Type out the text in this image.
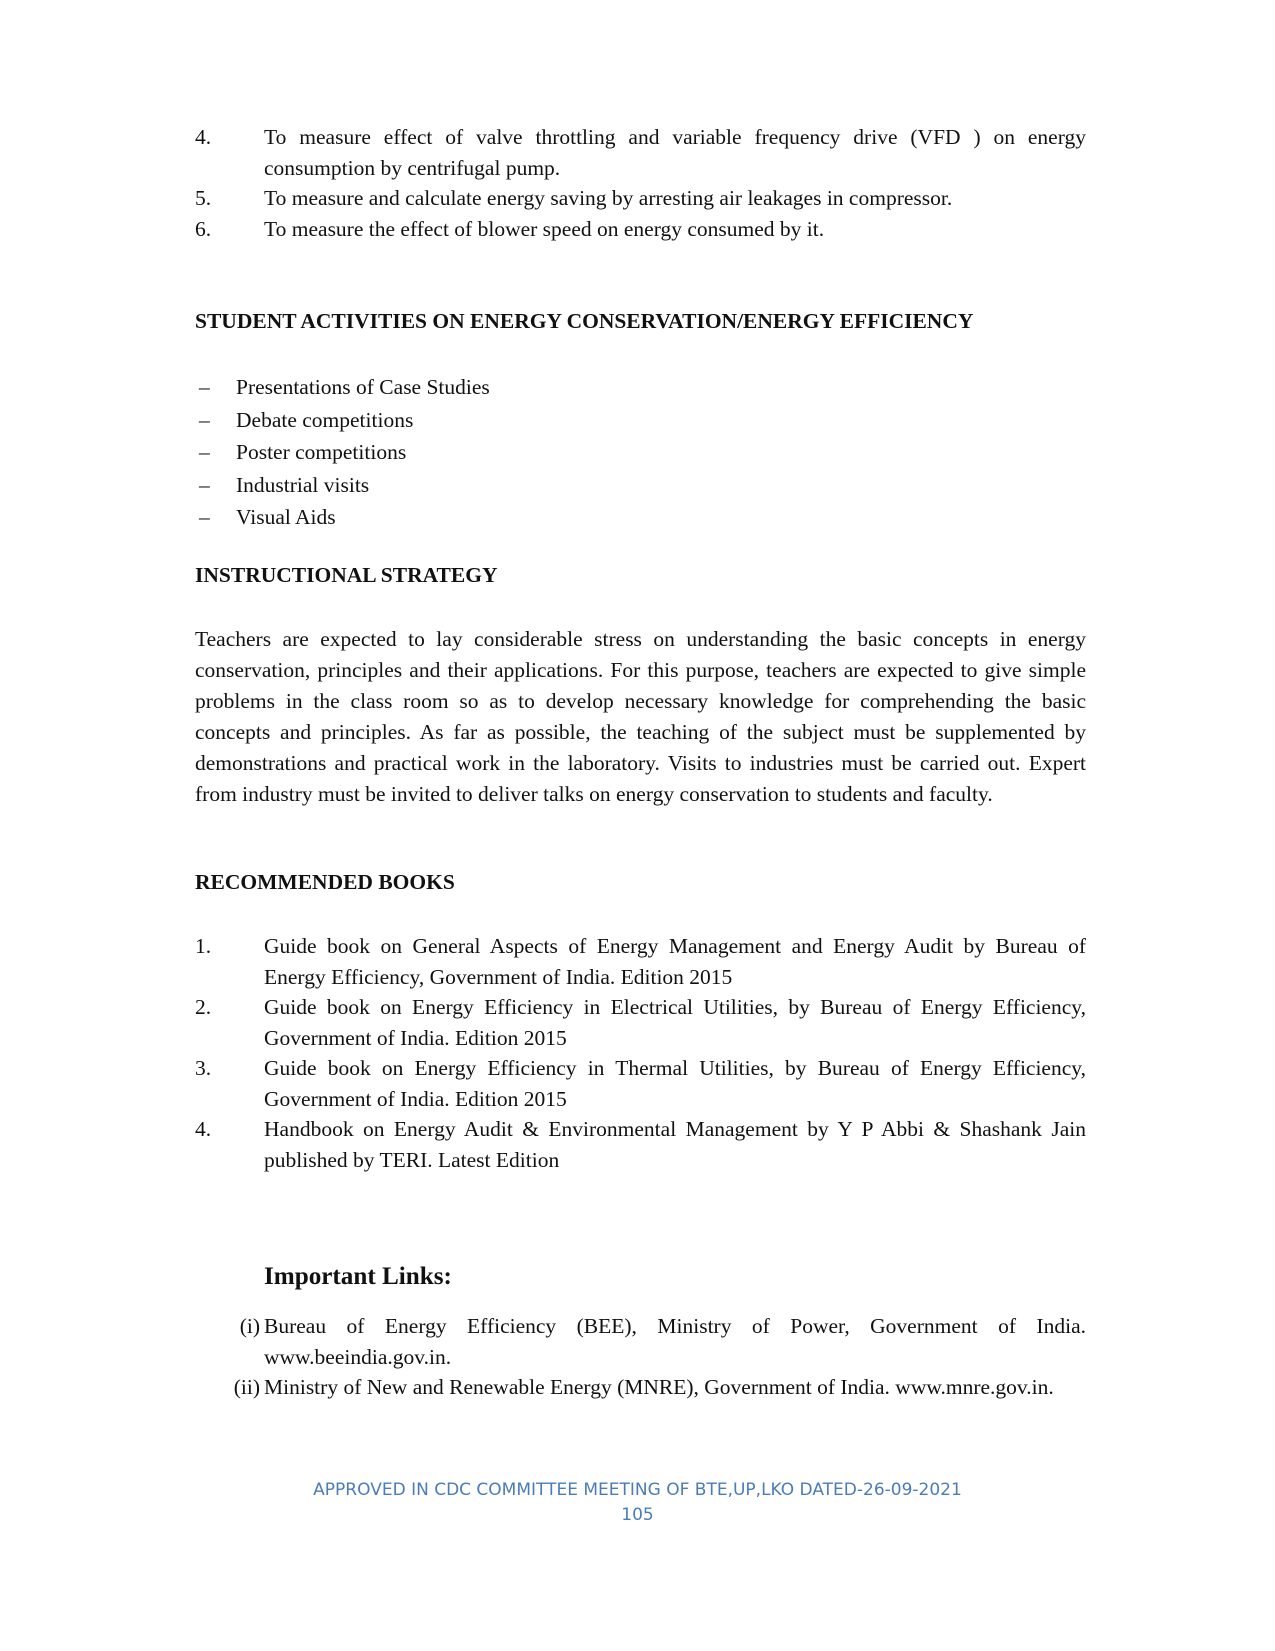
4. To measure effect of valve throttling and variable frequency drive (VFD ) on energy consumption by centrifugal pump.
5. To measure and calculate energy saving by arresting air leakages in compressor.
6. To measure the effect of blower speed on energy consumed by it.
STUDENT ACTIVITIES ON ENERGY CONSERVATION/ENERGY EFFICIENCY
– Presentations of Case Studies
– Debate competitions
– Poster competitions
– Industrial visits
– Visual Aids
INSTRUCTIONAL STRATEGY

Teachers are expected to lay considerable stress on understanding the basic concepts in energy conservation, principles and their applications. For this purpose, teachers are expected to give simple problems in the class room so as to develop necessary knowledge for comprehending the basic concepts and principles. As far as possible, the teaching of the subject must be supplemented by demonstrations and practical work in the laboratory. Visits to industries must be carried out. Expert from industry must be invited to deliver talks on energy conservation to students and faculty.

RECOMMENDED BOOKS
1. Guide book on General Aspects of Energy Management and Energy Audit by Bureau of Energy Efficiency, Government of India. Edition 2015
2. Guide book on Energy Efficiency in Electrical Utilities, by Bureau of Energy Efficiency, Government of India. Edition 2015
3. Guide book on Energy Efficiency in Thermal Utilities, by Bureau of Energy Efficiency, Government of India. Edition 2015
4. Handbook on Energy Audit & Environmental Management by Y P Abbi & Shashank Jain published by TERI. Latest Edition
Important Links:
(i) Bureau of Energy Efficiency (BEE), Ministry of Power, Government of India. www.beeindia.gov.in.
(ii) Ministry of New and Renewable Energy (MNRE), Government of India. www.mnre.gov.in.
APPROVED IN CDC COMMITTEE MEETING OF BTE,UP,LKO DATED-26-09-2021
105
